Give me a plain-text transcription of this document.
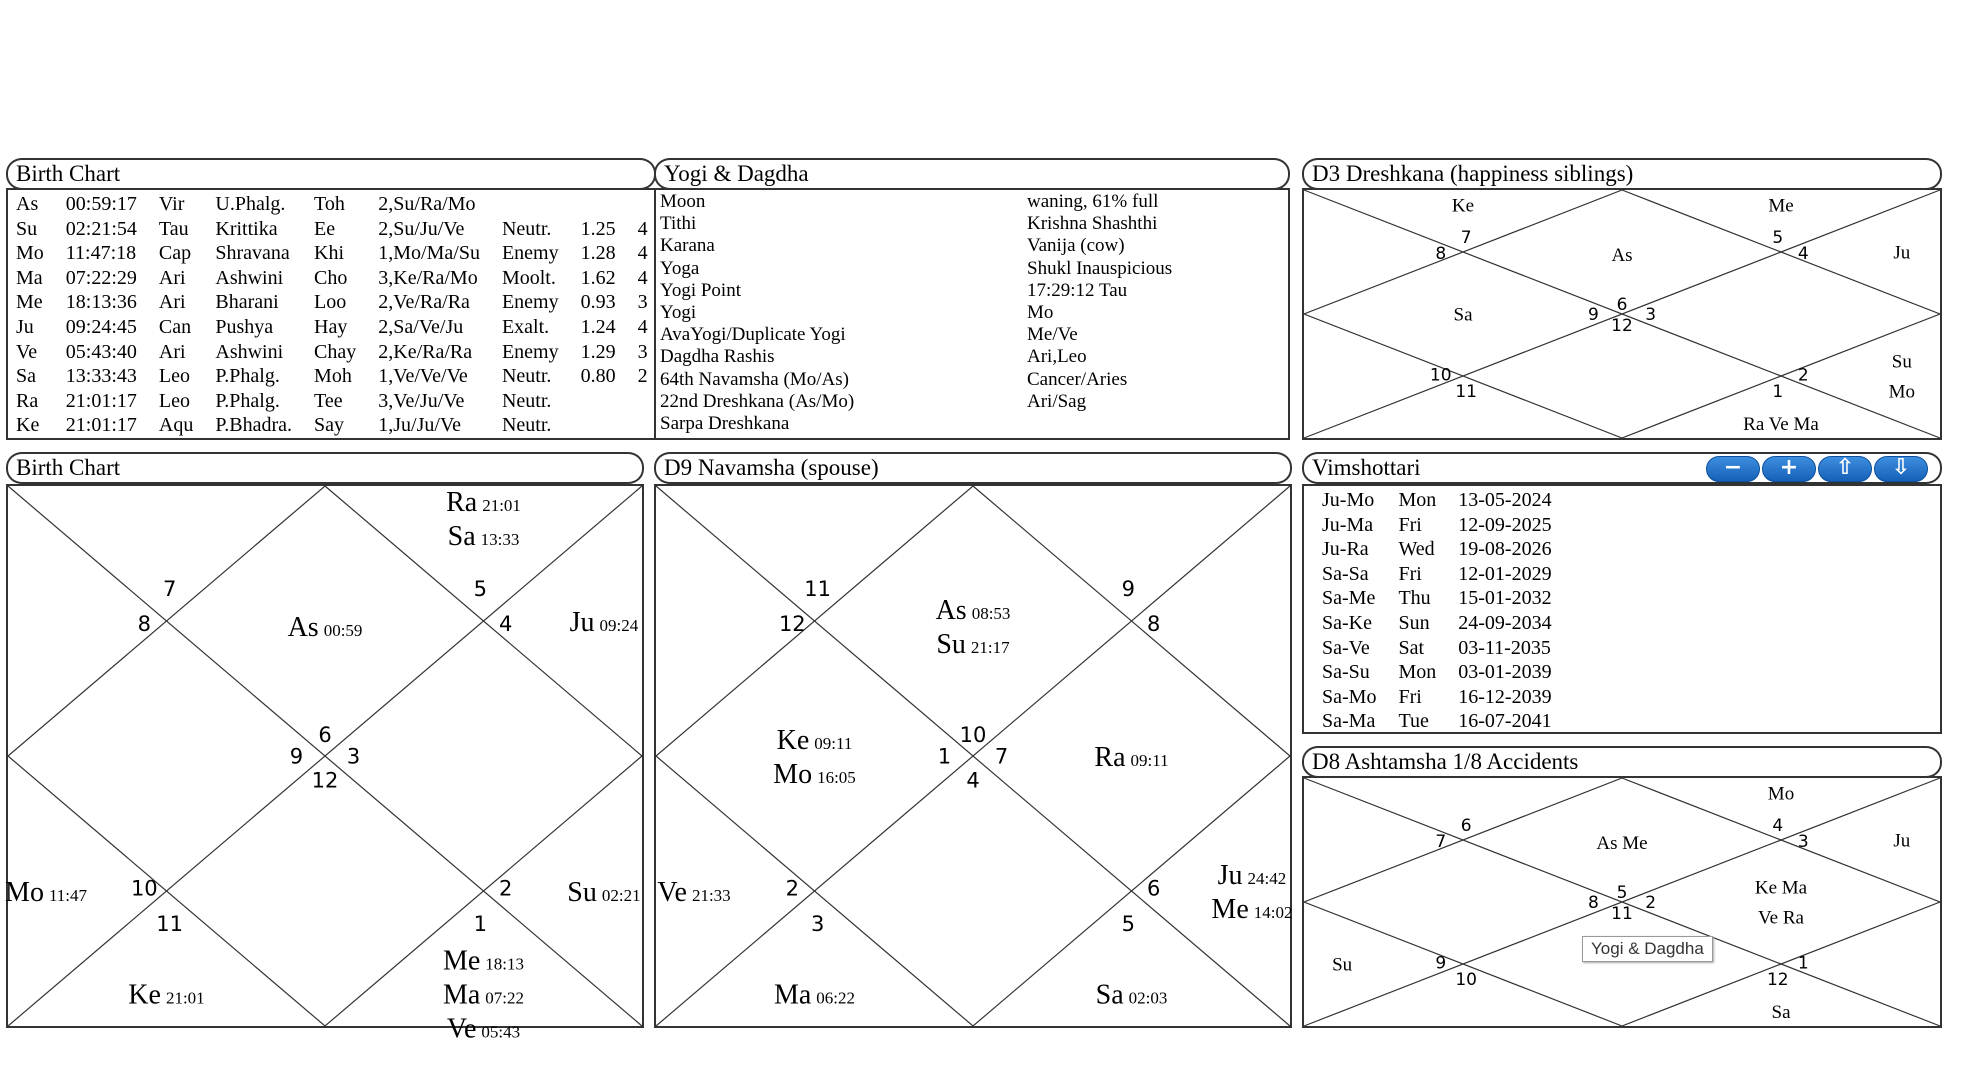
Birth Chart
As	00:59:17	Vir	U.Phalg.	Toh	2,Su/Ra/Mo			
Su	02:21:54	Tau	Krittika	Ee	2,Su/Ju/Ve	Neutr.	1.25	4
Mo	11:47:18	Cap	Shravana	Khi	1,Mo/Ma/Su	Enemy	1.28	4
Ma	07:22:29	Ari	Ashwini	Cho	3,Ke/Ra/Mo	Moolt.	1.62	4
Me	18:13:36	Ari	Bharani	Loo	2,Ve/Ra/Ra	Enemy	0.93	3
Ju	09:24:45	Can	Pushya	Hay	2,Sa/Ve/Ju	Exalt.	1.24	4
Ve	05:43:40	Ari	Ashwini	Chay	2,Ke/Ra/Ra	Enemy	1.29	3
Sa	13:33:43	Leo	P.Phalg.	Moh	1,Ve/Ve/Ve	Neutr.	0.80	2
Ra	21:01:17	Leo	P.Phalg.	Tee	3,Ve/Ju/Ve	Neutr.		
Ke	21:01:17	Aqu	P.Bhadra.	Say	1,Ju/Ju/Ve	Neutr.		
Yogi & Dagdha
Moon	waning, 61% full
Tithi	Krishna Shashthi
Karana	Vanija (cow)
Yoga	Shukl Inauspicious
Yogi Point	17:29:12 Tau
Yogi	Mo
AvaYogi/Duplicate Yogi	Me/Ve
Dagdha Rashis	Ari,Leo
64th Navamsha (Mo/As)	Cancer/Aries
22nd Dreshkana (As/Mo)	Ari/Sag
Sarpa Dreshkana	
D3 Dreshkana (happiness siblings)
6
7
8
9
10
11
12
1
2
3
4
5
As
Ke
Sa
Ra Ve Ma
Su
Mo
Ju
Me
Birth Chart
6
7
8
9
10
11
12
1
2
3
4
5
As 00:59
Mo 11:47
Ke 21:01
Me 18:13
Ma 07:22
Ve 05:43
Su 02:21
Ju 09:24
Ra 21:01
Sa 13:33
D9 Navamsha (spouse)
10
11
12
1
2
3
4
5
6
7
8
9
As 08:53
Su 21:17
Ke 09:11
Mo 16:05
Ve 21:33
Ma 06:22	Sa 02:03
Ju 24:42
Me 14:02
Ra 09:11
Vimshottari	−	+	⇧	⇩
Ju-Mo	Mon	13-05-2024
Ju-Ma	Fri	12-09-2025
Ju-Ra	Wed	19-08-2026
Sa-Sa	Fri	12-01-2029
Sa-Me	Thu	15-01-2032
Sa-Ke	Sun	24-09-2034
Sa-Ve	Sat	03-11-2035
Sa-Su	Mon	03-01-2039
Sa-Mo	Fri	16-12-2039
Sa-Ma	Tue	16-07-2041
D8 Ashtamsha 1/8 Accidents
5
6
7
8
9
10
11
12
1
2
3
4
As Me
Su
Sa
Ke Ma
Ve Ra
Ju
Mo
Yogi & Dagdha
